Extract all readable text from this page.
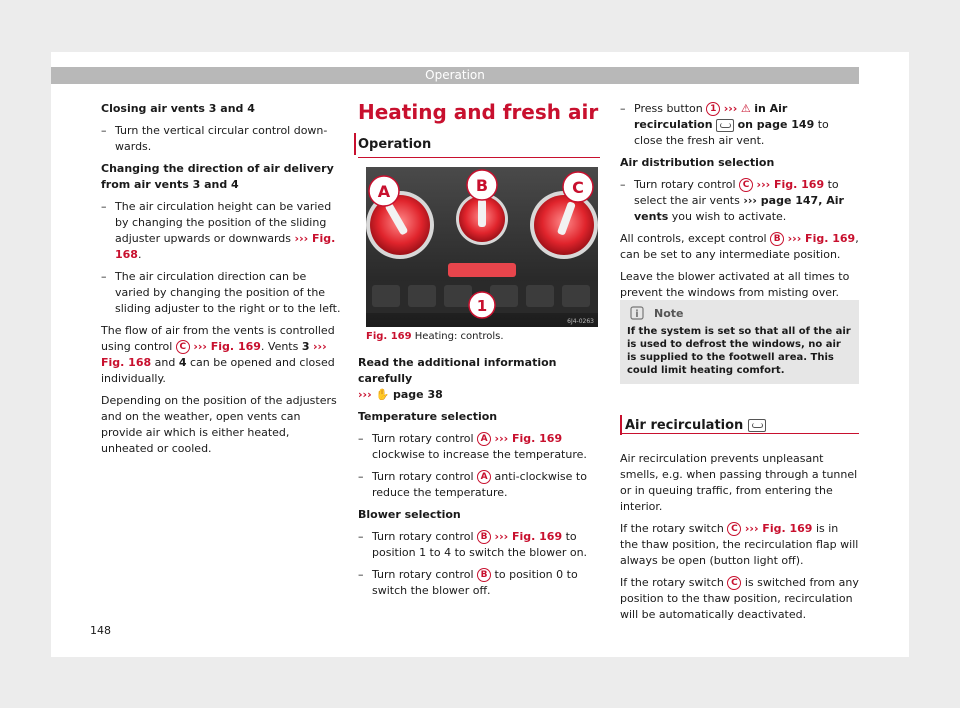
Operation

Closing air vents 3 and 4

– Turn the vertical circular control downwards.

Changing the direction of air delivery from air vents 3 and 4

– The air circulation height can be varied by changing the position of the sliding adjuster upwards or downwards ››› Fig. 168.
– The air circulation direction can be varied by changing the position of the sliding adjuster to the right or to the left.

The flow of air from the vents is controlled using control C ››› Fig. 169. Vents 3 ››› Fig. 168 and 4 can be opened and closed individually.

Depending on the position of the adjusters and on the weather, open vents can provide air which is either heated, unheated or cooled.

Heating and fresh air
Operation
A	B	C
1
6J4-0263
Fig. 169 Heating: controls.

Read the additional information carefully
››› ✋ page 38

Temperature selection

– Turn rotary control A ››› Fig. 169 clockwise to increase the temperature.
– Turn rotary control A anti-clockwise to reduce the temperature.

Blower selection

– Turn rotary control B ››› Fig. 169 to position 1 to 4 to switch the blower on.
– Turn rotary control B to position 0 to switch the blower off.
– Press button 1 ››› ⚠ in Air recirculation on page 149 to close the fresh air vent.

Air distribution selection

– Turn rotary control C ››› Fig. 169 to select the air vents ››› page 147, Air vents you wish to activate.

All controls, except control B ››› Fig. 169, can be set to any intermediate position.

Leave the blower activated at all times to prevent the windows from misting over.

i Note
If the system is set so that all of the air is used to defrost the windows, no air is supplied to the footwell area. This could limit heating comfort.
Air recirculation

Air recirculation prevents unpleasant smells, e.g. when passing through a tunnel or in queuing traffic, from entering the interior.

If the rotary switch C ››› Fig. 169 is in the thaw position, the recirculation flap will always be open (button light off).

If the rotary switch C is switched from any position to the thaw position, recirculation will be automatically deactivated.

148
